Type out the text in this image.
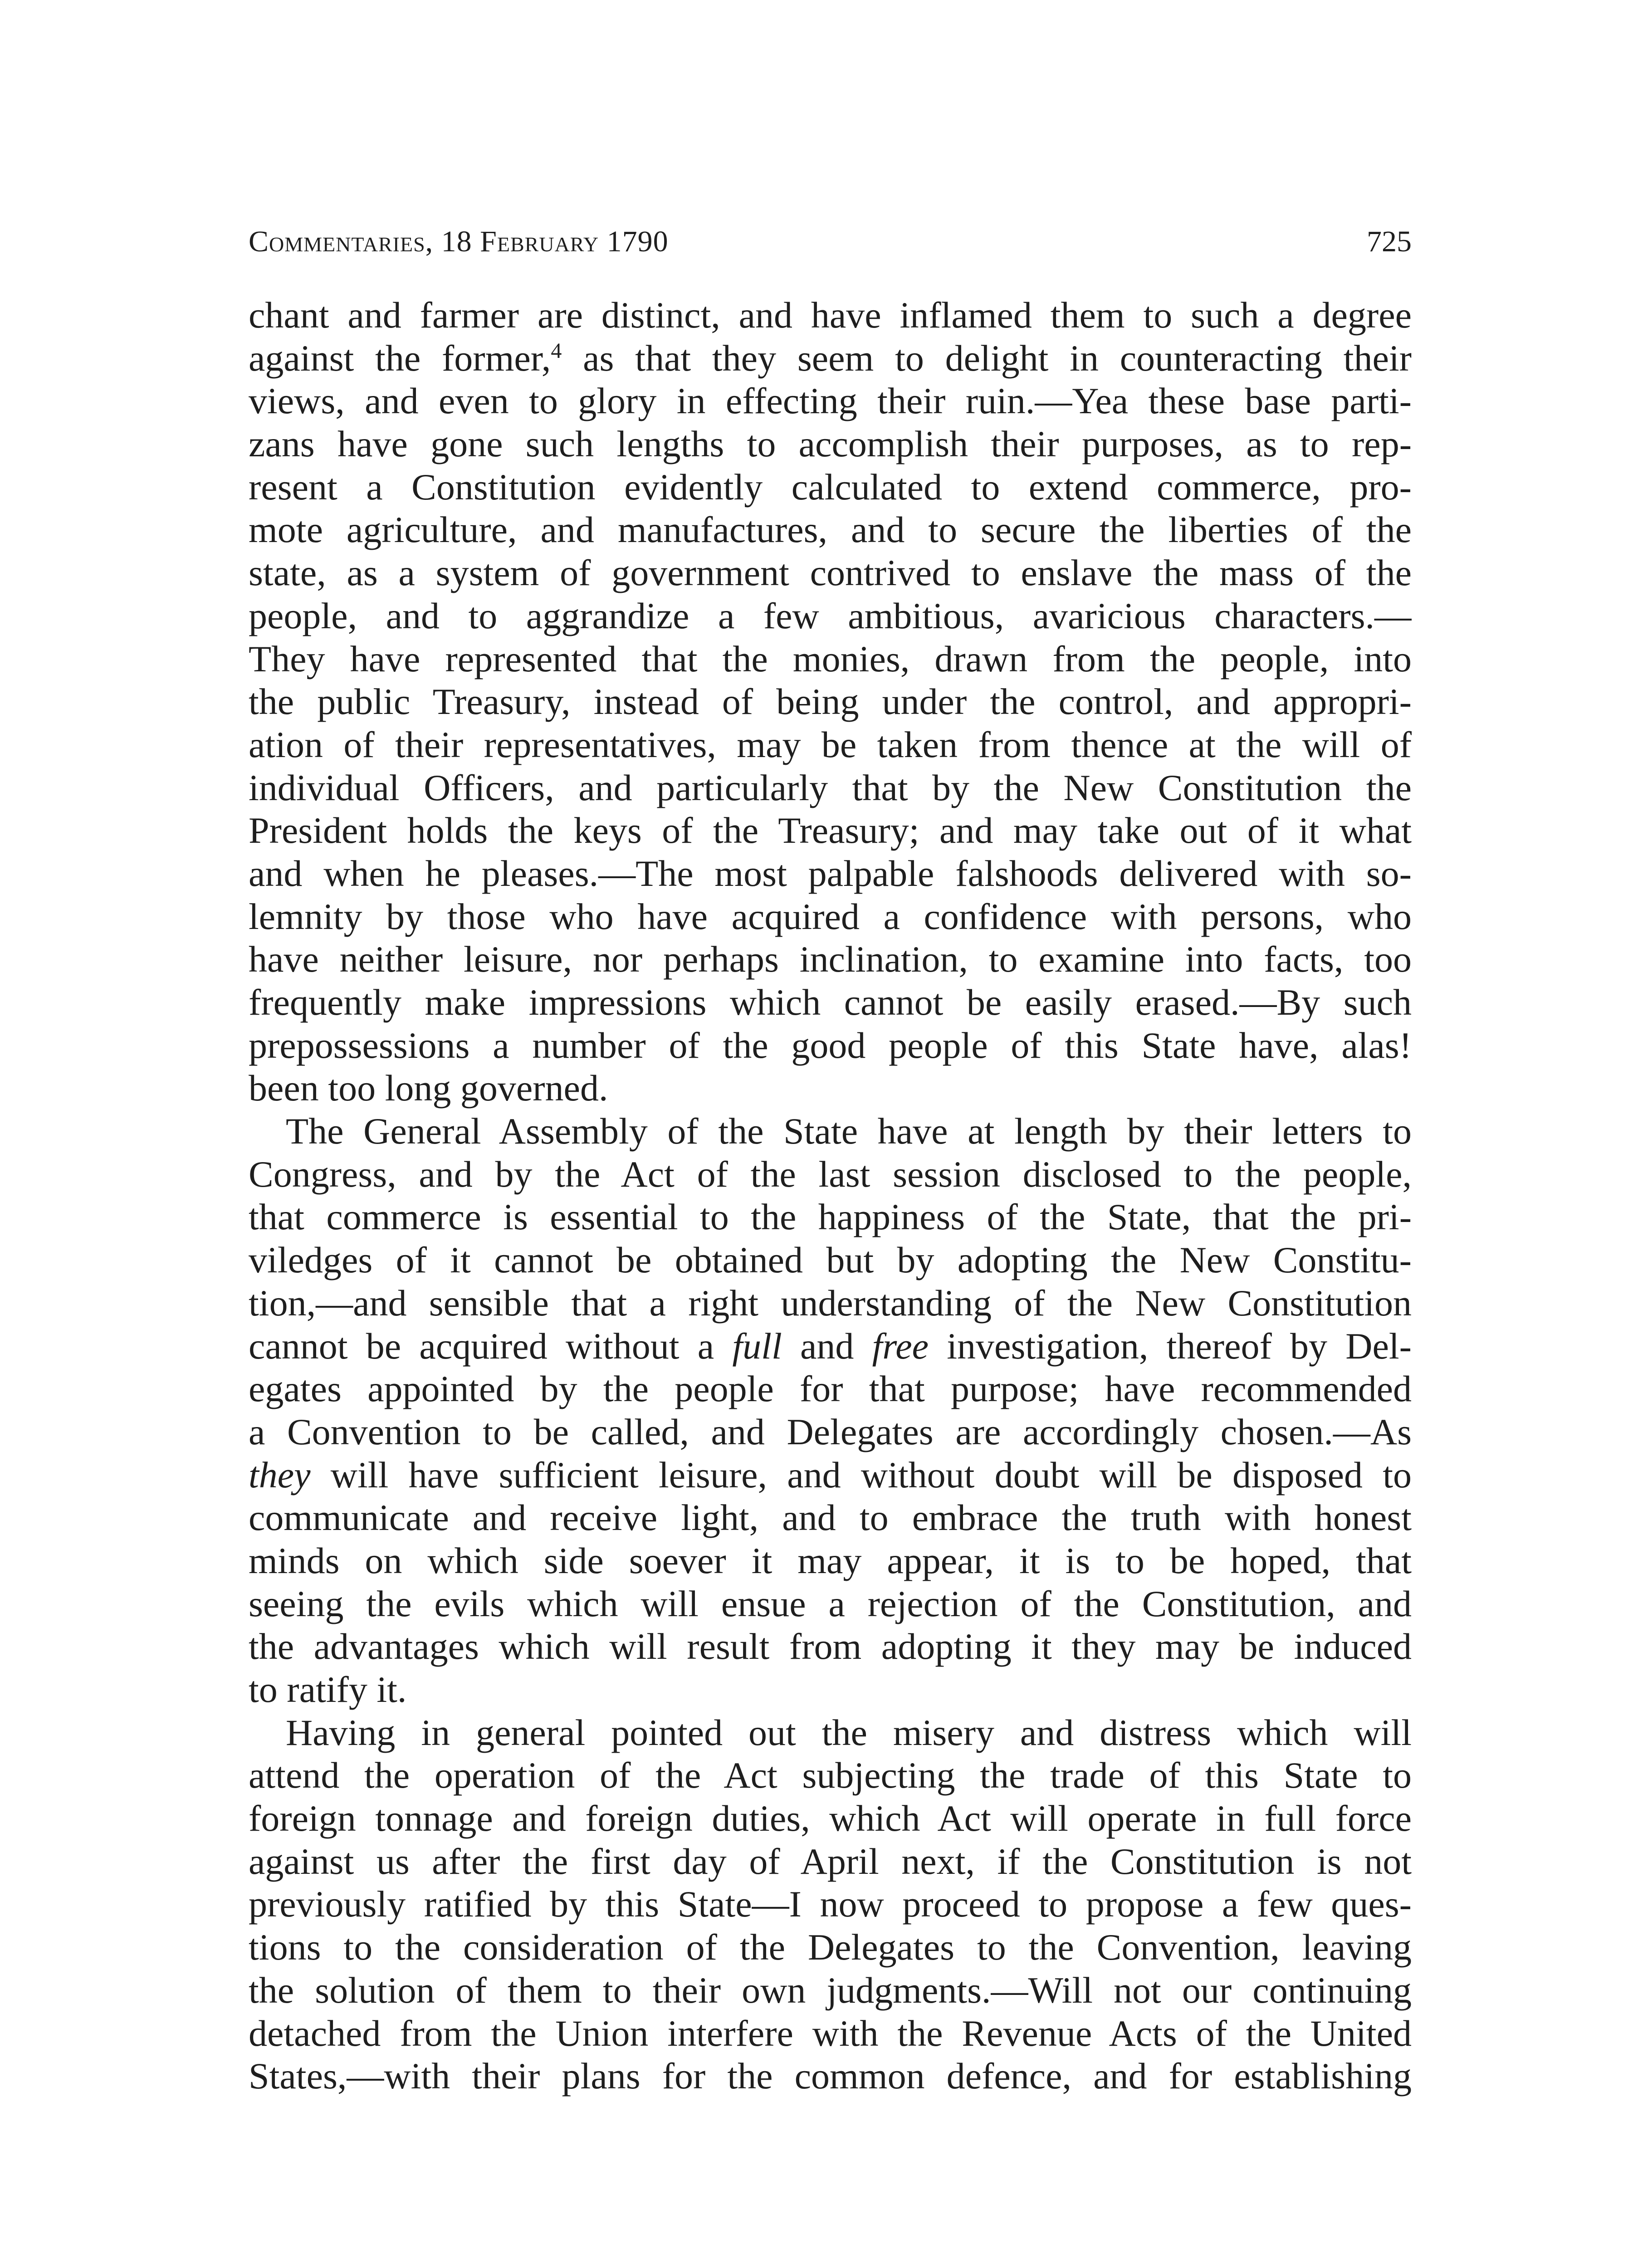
Commentaries, 18 February 1790	725
chant and farmer are distinct, and have inflamed them to such a degree
against the former,$^4$ as that they seem to delight in counteracting their
views, and even to glory in effecting their ruin.—Yea these base parti-
zans have gone such lengths to accomplish their purposes, as to rep-
resent a Constitution evidently calculated to extend commerce, pro-
mote agriculture, and manufactures, and to secure the liberties of the
state, as a system of government contrived to enslave the mass of the
people, and to aggrandize a few ambitious, avaricious characters.—
They have represented that the monies, drawn from the people, into
the public Treasury, instead of being under the control, and appropri-
ation of their representatives, may be taken from thence at the will of
individual Officers, and particularly that by the New Constitution the
President holds the keys of the Treasury; and may take out of it what
and when he pleases.—The most palpable falshoods delivered with so-
lemnity by those who have acquired a confidence with persons, who
have neither leisure, nor perhaps inclination, to examine into facts, too
frequently make impressions which cannot be easily erased.—By such
prepossessions a number of the good people of this State have, alas!
been too long governed.
The General Assembly of the State have at length by their letters to
Congress, and by the Act of the last session disclosed to the people,
that commerce is essential to the happiness of the State, that the pri-
viledges of it cannot be obtained but by adopting the New Constitu-
tion,—and sensible that a right understanding of the New Constitution
cannot be acquired without a full and free investigation, thereof by Del-
egates appointed by the people for that purpose; have recommended
a Convention to be called, and Delegates are accordingly chosen.—As
they will have sufficient leisure, and without doubt will be disposed to
communicate and receive light, and to embrace the truth with honest
minds on which side soever it may appear, it is to be hoped, that
seeing the evils which will ensue a rejection of the Constitution, and
the advantages which will result from adopting it they may be induced
to ratify it.
Having in general pointed out the misery and distress which will
attend the operation of the Act subjecting the trade of this State to
foreign tonnage and foreign duties, which Act will operate in full force
against us after the first day of April next, if the Constitution is not
previously ratified by this State—I now proceed to propose a few ques-
tions to the consideration of the Delegates to the Convention, leaving
the solution of them to their own judgments.—Will not our continuing
detached from the Union interfere with the Revenue Acts of the United
States,—with their plans for the common defence, and for establishing
